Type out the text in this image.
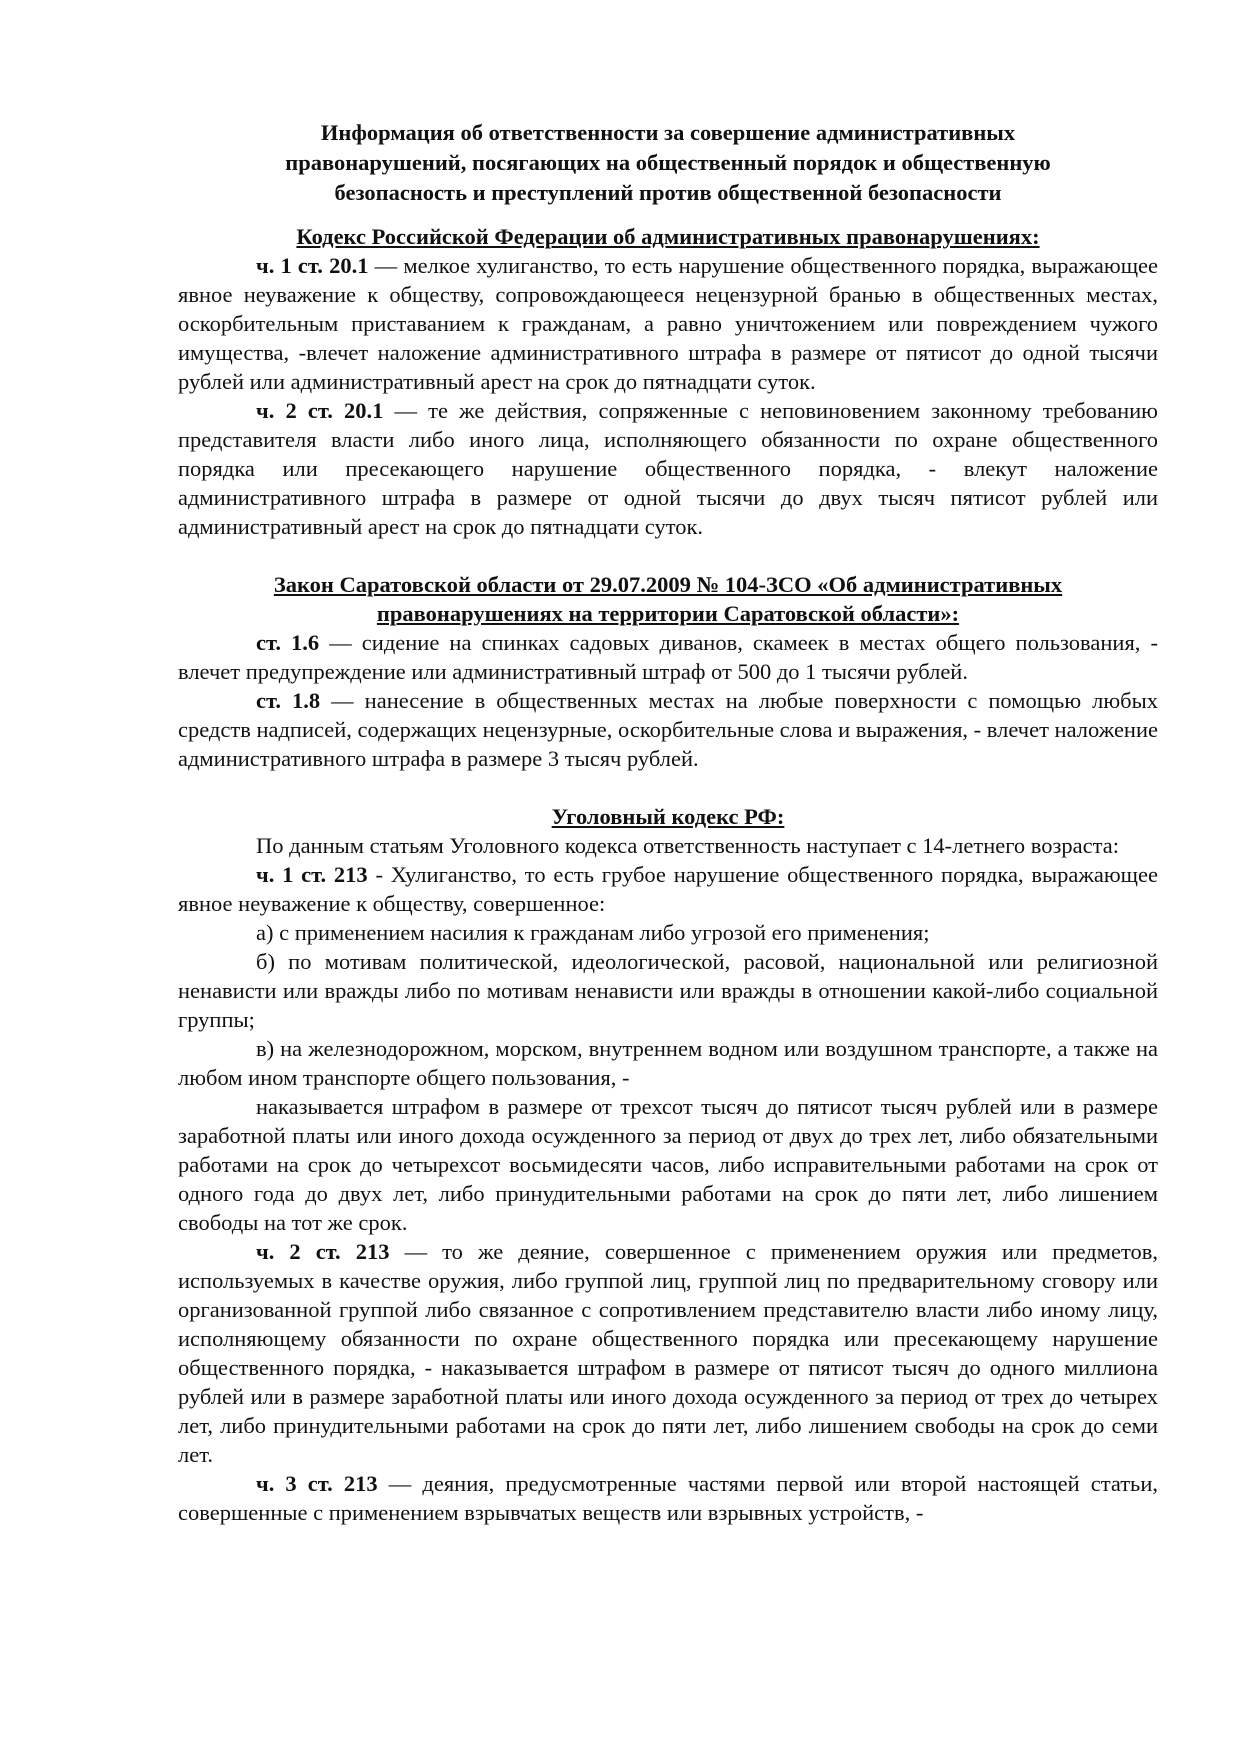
Информация об ответственности за совершение административных
правонарушений, посягающих на общественный порядок и общественную
безопасность и преступлений против общественной безопасности

Кодекс Российской Федерации об административных правонарушениях:

ч. 1 ст. 20.1 — мелкое хулиганство, то есть нарушение общественного порядка, выражающее явное неуважение к обществу, сопровождающееся нецензурной бранью в общественных местах, оскорбительным приставанием к гражданам, а равно уничтожением или повреждением чужого имущества, -влечет наложение административного штрафа в размере от пятисот до одной тысячи рублей или административный арест на срок до пятнадцати суток.

ч. 2 ст. 20.1 — те же действия, сопряженные с неповиновением законному требованию представителя власти либо иного лица, исполняющего обязанности по охране общественного порядка или пресекающего нарушение общественного порядка, - влекут наложение административного штрафа в размере от одной тысячи до двух тысяч пятисот рублей или административный арест на срок до пятнадцати суток.

Закон Саратовской области от 29.07.2009 № 104-ЗСО «Об административных
правонарушениях на территории Саратовской области»:

ст. 1.6 — сидение на спинках садовых диванов, скамеек в местах общего пользования, - влечет предупреждение или административный штраф от 500 до 1 тысячи рублей.

ст. 1.8 — нанесение в общественных местах на любые поверхности с помощью любых средств надписей, содержащих нецензурные, оскорбительные слова и выражения, - влечет наложение административного штрафа в размере 3 тысяч рублей.

Уголовный кодекс РФ:

По данным статьям Уголовного кодекса ответственность наступает с 14-летнего возраста:

ч. 1 ст. 213 - Хулиганство, то есть грубое нарушение общественного порядка, выражающее явное неуважение к обществу, совершенное:

а) с применением насилия к гражданам либо угрозой его применения;

б) по мотивам политической, идеологической, расовой, национальной или религиозной ненависти или вражды либо по мотивам ненависти или вражды в отношении какой-либо социальной группы;

в) на железнодорожном, морском, внутреннем водном или воздушном транспорте, а также на любом ином транспорте общего пользования, -

наказывается штрафом в размере от трехсот тысяч до пятисот тысяч рублей или в размере заработной платы или иного дохода осужденного за период от двух до трех лет, либо обязательными работами на срок до четырехсот восьмидесяти часов, либо исправительными работами на срок от одного года до двух лет, либо принудительными работами на срок до пяти лет, либо лишением свободы на тот же срок.

ч. 2 ст. 213 — то же деяние, совершенное с применением оружия или предметов, используемых в качестве оружия, либо группой лиц, группой лиц по предварительному сговору или организованной группой либо связанное с сопротивлением представителю власти либо иному лицу, исполняющему обязанности по охране общественного порядка или пресекающему нарушение общественного порядка, - наказывается штрафом в размере от пятисот тысяч до одного миллиона рублей или в размере заработной платы или иного дохода осужденного за период от трех до четырех лет, либо принудительными работами на срок до пяти лет, либо лишением свободы на срок до семи лет.

ч. 3 ст. 213 — деяния, предусмотренные частями первой или второй настоящей статьи, совершенные с применением взрывчатых веществ или взрывных устройств, -
